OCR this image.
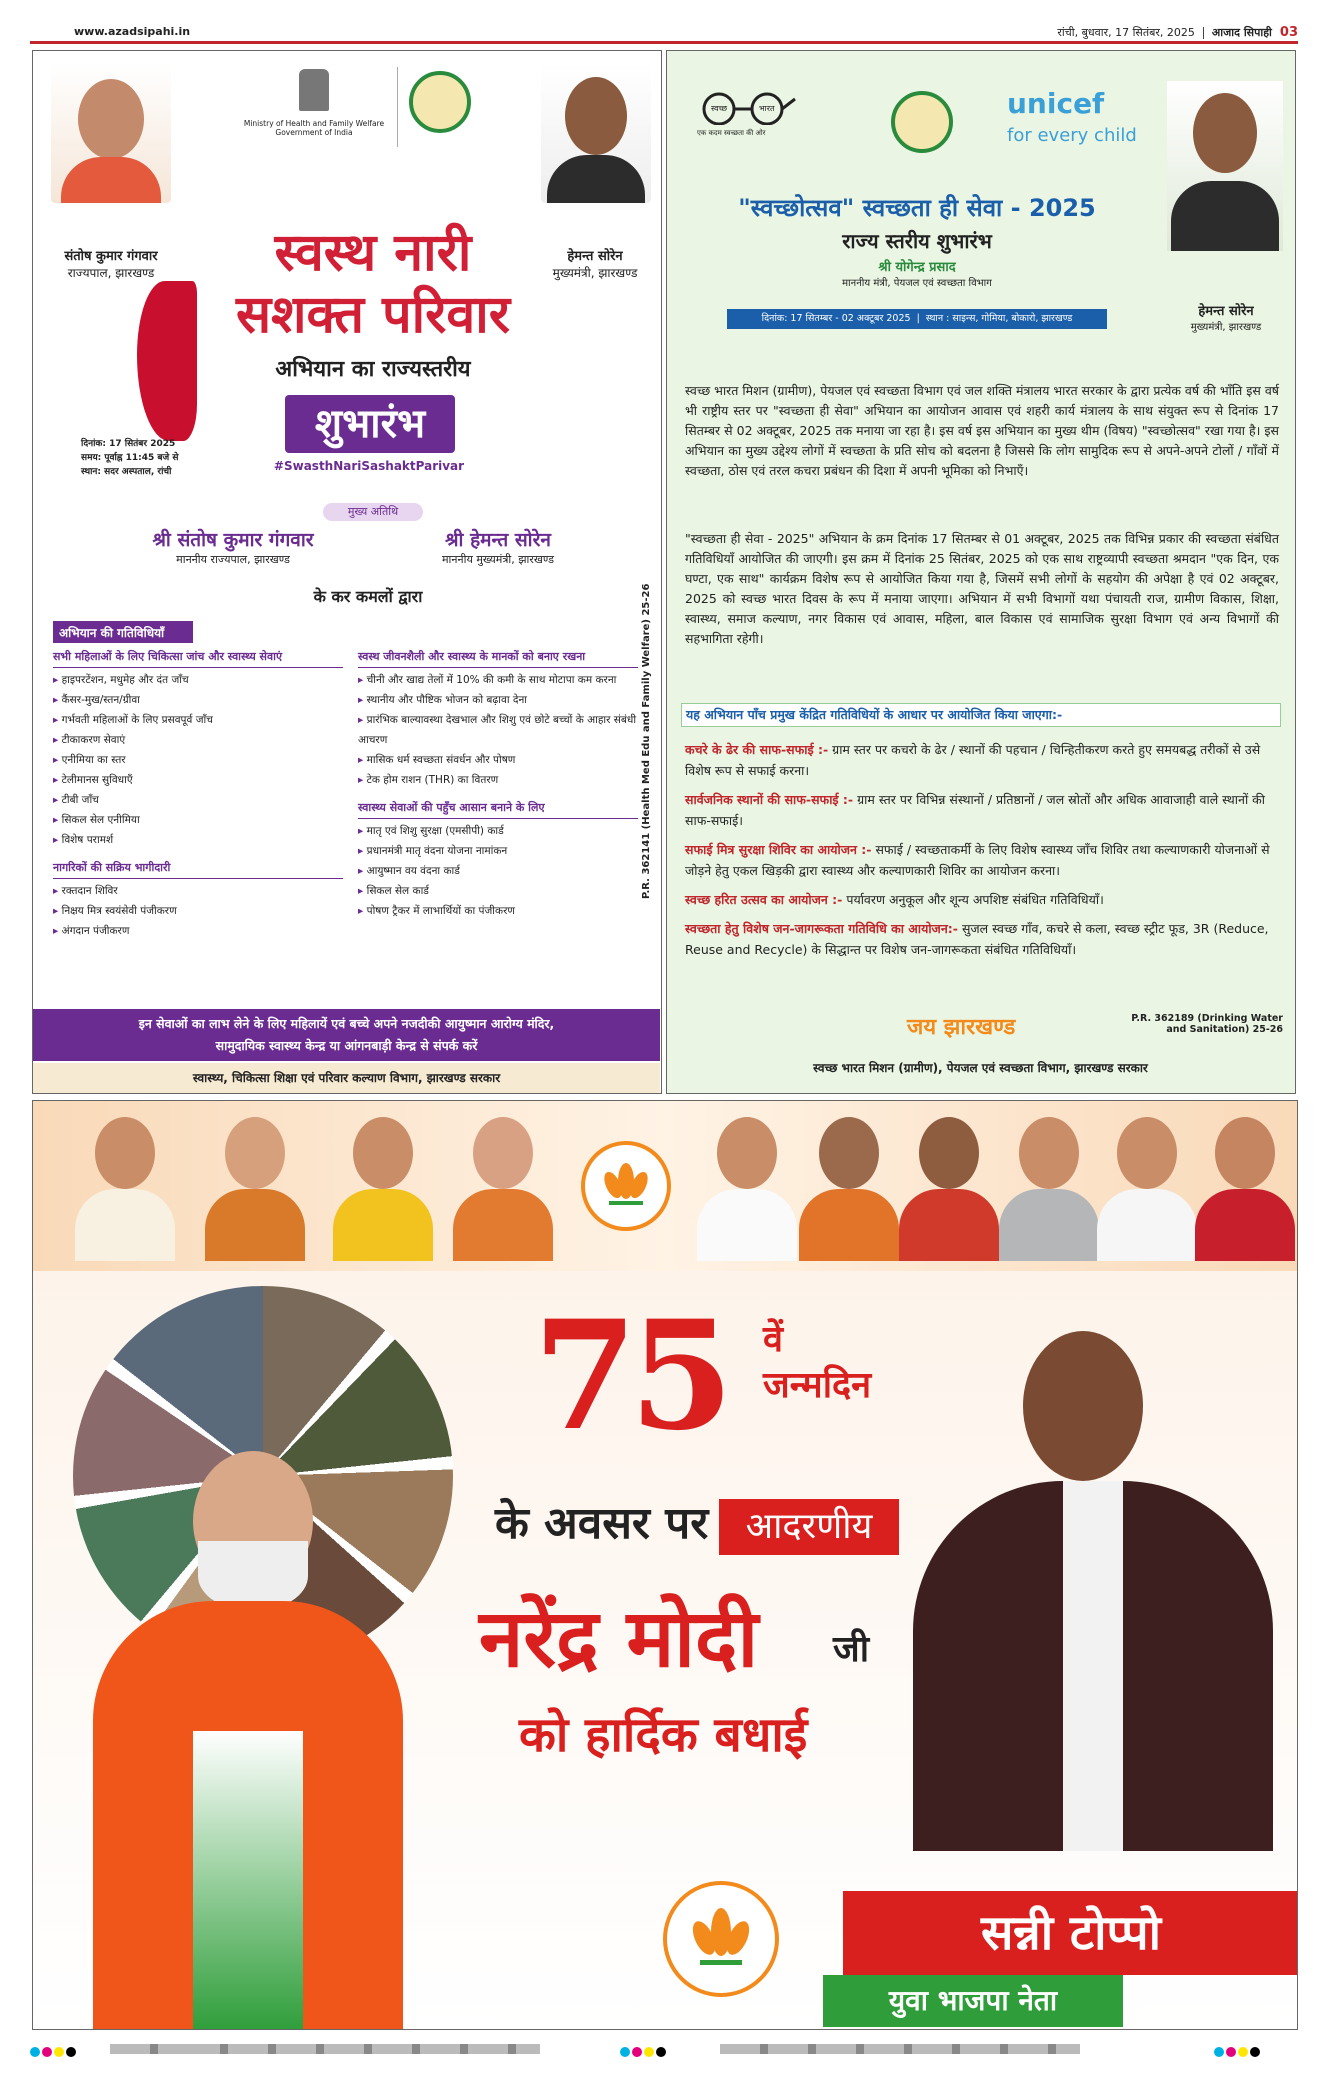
www.azadsipahi.in	रांची, बुधवार, 17 सितंबर, 2025 आजाद सिपाही 03
संतोष कुमार गंगवार
राज्यपाल, झारखण्ड
Ministry of Health and Family Welfare
Government of India
हेमन्त सोरेन
मुख्यमंत्री, झारखण्ड
स्वस्थ नारी
सशक्त परिवार
अभियान का राज्यस्तरीय
शुभारंभ
#SwasthNariSashaktParivar
दिनांक: 17 सितंबर 2025
समय: पूर्वाह्न 11:45 बजे से
स्थान: सदर अस्पताल, रांची
मुख्य अतिथि
श्री संतोष कुमार गंगवार
माननीय राज्यपाल, झारखण्ड
श्री हेमन्त सोरेन
माननीय मुख्यमंत्री, झारखण्ड
के कर कमलों द्वारा
अभियान की गतिविधियाँ
सभी महिलाओं के लिए चिकित्सा जांच और स्वास्थ्य सेवाएं
▸ हाइपरटेंशन, मधुमेह और दंत जाँच
▸ कैंसर-मुख/स्तन/ग्रीवा
▸ गर्भवती महिलाओं के लिए प्रसवपूर्व जाँच
▸ टीकाकरण सेवाएं
▸ एनीमिया का स्तर
▸ टेलीमानस सुविधाएँ
▸ टीबी जाँच
▸ सिकल सेल एनीमिया
▸ विशेष परामर्श
नागरिकों की सक्रिय भागीदारी
▸ रक्तदान शिविर
▸ निक्षय मित्र स्वयंसेवी पंजीकरण
▸ अंगदान पंजीकरण
स्वस्थ जीवनशैली और स्वास्थ्य के मानकों को बनाए रखना
▸ चीनी और खाद्य तेलों में 10% की कमी के साथ मोटापा कम करना
▸ स्थानीय और पौष्टिक भोजन को बढ़ावा देना
▸ प्रारंभिक बाल्यावस्था देखभाल और शिशु एवं छोटे बच्चों के आहार संबंधी आचरण
▸ मासिक धर्म स्वच्छता संवर्धन और पोषण
▸ टेक होम राशन (THR) का वितरण
स्वास्थ्य सेवाओं की पहुँच आसान बनाने के लिए
▸ मातृ एवं शिशु सुरक्षा (एमसीपी) कार्ड
▸ प्रधानमंत्री मातृ वंदना योजना नामांकन
▸ आयुष्मान वय वंदना कार्ड
▸ सिकल सेल कार्ड
▸ पोषण ट्रैकर में लाभार्थियों का पंजीकरण
P.R. 362141 (Health Med Edu and Family Welfare) 25-26
इन सेवाओं का लाभ लेने के लिए महिलायें एवं बच्चे अपने नजदीकी आयुष्मान आरोग्य मंदिर,
सामुदायिक स्वास्थ्य केन्द्र या आंगनबाड़ी केन्द्र से संपर्क करें
स्वास्थ्य, चिकित्सा शिक्षा एवं परिवार कल्याण विभाग, झारखण्ड सरकार
स्वच्छ	भारत
एक कदम स्वच्छता की ओर
unicef
for every child
हेमन्त सोरेन
मुख्यमंत्री, झारखण्ड
"स्वच्छोत्सव" स्वच्छता ही सेवा - 2025
राज्य स्तरीय शुभारंभ
श्री योगेन्द्र प्रसाद
माननीय मंत्री, पेयजल एवं स्वच्छता विभाग
दिनांक: 17 सितम्बर - 02 अक्टूबर 2025  |  स्थान : साइन्स, गोमिया, बोकारो, झारखण्ड
स्वच्छ भारत मिशन (ग्रामीण), पेयजल एवं स्वच्छता विभाग एवं जल शक्ति मंत्रालय भारत सरकार के द्वारा प्रत्येक वर्ष की भाँति इस वर्ष भी राष्ट्रीय स्तर पर "स्वच्छता ही सेवा" अभियान का आयोजन आवास एवं शहरी कार्य मंत्रालय के साथ संयुक्त रूप से दिनांक 17 सितम्बर से 02 अक्टूबर, 2025 तक मनाया जा रहा है। इस वर्ष इस अभियान का मुख्य थीम (विषय) "स्वच्छोत्सव" रखा गया है। इस अभियान का मुख्य उद्देश्य लोगों में स्वच्छता के प्रति सोच को बदलना है जिससे कि लोग सामुदिक रूप से अपने-अपने टोलों / गाँवों में स्वच्छता, ठोस एवं तरल कचरा प्रबंधन की दिशा में अपनी भूमिका को निभाएँ।
"स्वच्छता ही सेवा - 2025" अभियान के क्रम दिनांक 17 सितम्बर से 01 अक्टूबर, 2025 तक विभिन्न प्रकार की स्वच्छता संबंधित गतिविधियाँ आयोजित की जाएगी। इस क्रम में दिनांक 25 सितंबर, 2025 को एक साथ राष्ट्रव्यापी स्वच्छता श्रमदान "एक दिन, एक घण्टा, एक साथ" कार्यक्रम विशेष रूप से आयोजित किया गया है, जिसमें सभी लोगों के सहयोग की अपेक्षा है एवं 02 अक्टूबर, 2025 को स्वच्छ भारत दिवस के रूप में मनाया जाएगा। अभियान में सभी विभागों यथा पंचायती राज, ग्रामीण विकास, शिक्षा, स्वास्थ्य, समाज कल्याण, नगर विकास एवं आवास, महिला, बाल विकास एवं सामाजिक सुरक्षा विभाग एवं अन्य विभागों की सहभागिता रहेगी।
यह अभियान पाँच प्रमुख केंद्रित गतिविधियों के आधार पर आयोजित किया जाएगा:-
कचरे के ढेर की साफ-सफाई :- ग्राम स्तर पर कचरो के ढेर / स्थानों की पहचान / चिन्हितीकरण करते हुए समयबद्ध तरीकों से उसे विशेष रूप से सफाई करना।
सार्वजनिक स्थानों की साफ-सफाई :- ग्राम स्तर पर विभिन्न संस्थानों / प्रतिष्ठानों / जल स्रोतों और अधिक आवाजाही वाले स्थानों की साफ-सफाई।
सफाई मित्र सुरक्षा शिविर का आयोजन :- सफाई / स्वच्छताकर्मी के लिए विशेष स्वास्थ्य जाँच शिविर तथा कल्याणकारी योजनाओं से जोड़ने हेतु एकल खिड़की द्वारा स्वास्थ्य और कल्याणकारी शिविर का आयोजन करना।
स्वच्छ हरित उत्सव का आयोजन :- पर्यावरण अनुकूल और शून्य अपशिष्ट संबंधित गतिविधियाँ।
स्वच्छता हेतु विशेष जन-जागरूकता गतिविधि का आयोजन:- सुजल स्वच्छ गाँव, कचरे से कला, स्वच्छ स्ट्रीट फूड, 3R (Reduce, Reuse and Recycle) के सिद्धान्त पर विशेष जन-जागरूकता संबंधित गतिविधियाँ।
जय झारखण्ड	P.R. 362189 (Drinking Water
and Sanitation) 25-26
स्वच्छ भारत मिशन (ग्रामीण), पेयजल एवं स्वच्छता विभाग, झारखण्ड सरकार
75 वें
जन्मदिन
के अवसर पर	आदरणीय
नरेंद्र मोदी जी
को हार्दिक बधाई
सन्नी टोप्पो
युवा भाजपा नेता
